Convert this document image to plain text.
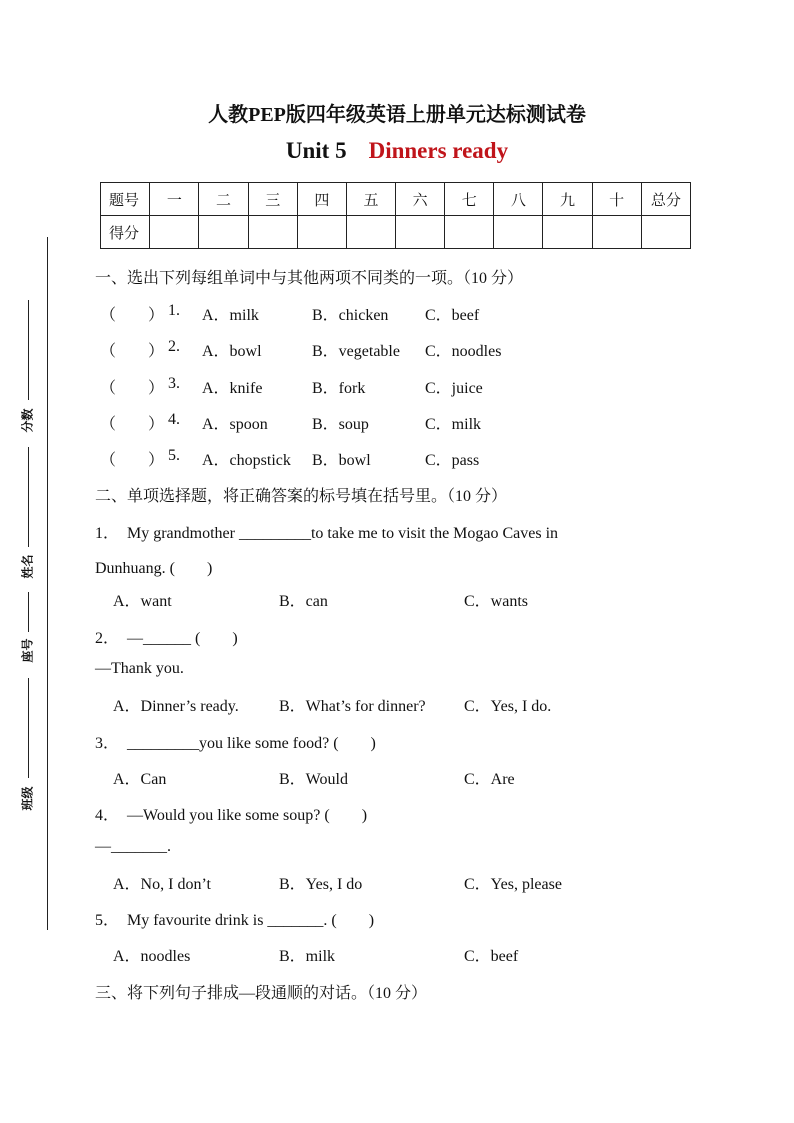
人教PEP版四年级英语上册单元达标测试卷
Unit 5 Dinners ready
题号	一	二	三	四	五	六	七	八	九	十	总分
得分											
分数
姓名
座号
班级
一、选出下列每组单词中与其他两项不同类的一项。（10 分）
（　　） 1. A．milk	B．chicken C．beef
（　　） 2. A．bowl	B．vegetable C．noodles
（　　） 3. A．knife	B．fork	C．juice
（　　） 4. A．spoon	B．soup	C．milk
（　　） 5. A．chopstick B．bowl	C．pass
二、单项选择题，将正确答案的标号填在括号里。（10 分）
1．　My grandmother _________to take me to visit the Mogao Caves in
Dunhuang. (　　)
A．want	B．can	C．wants
2．　—______ (　　)
—Thank you.
A．Dinner’s ready.	B．What’s for dinner? C．Yes, I do.
3．　_________you like some food? (　　)
A．Can	B．Would	C．Are
4．　—Would you like some soup? (　　)
—_______.
A．No, I don’t	B．Yes, I do	C．Yes, please
5．　My favourite drink is _______. (　　)
A．noodles	B．milk	C．beef
三、将下列句子排成—段通顺的对话。（10 分）
